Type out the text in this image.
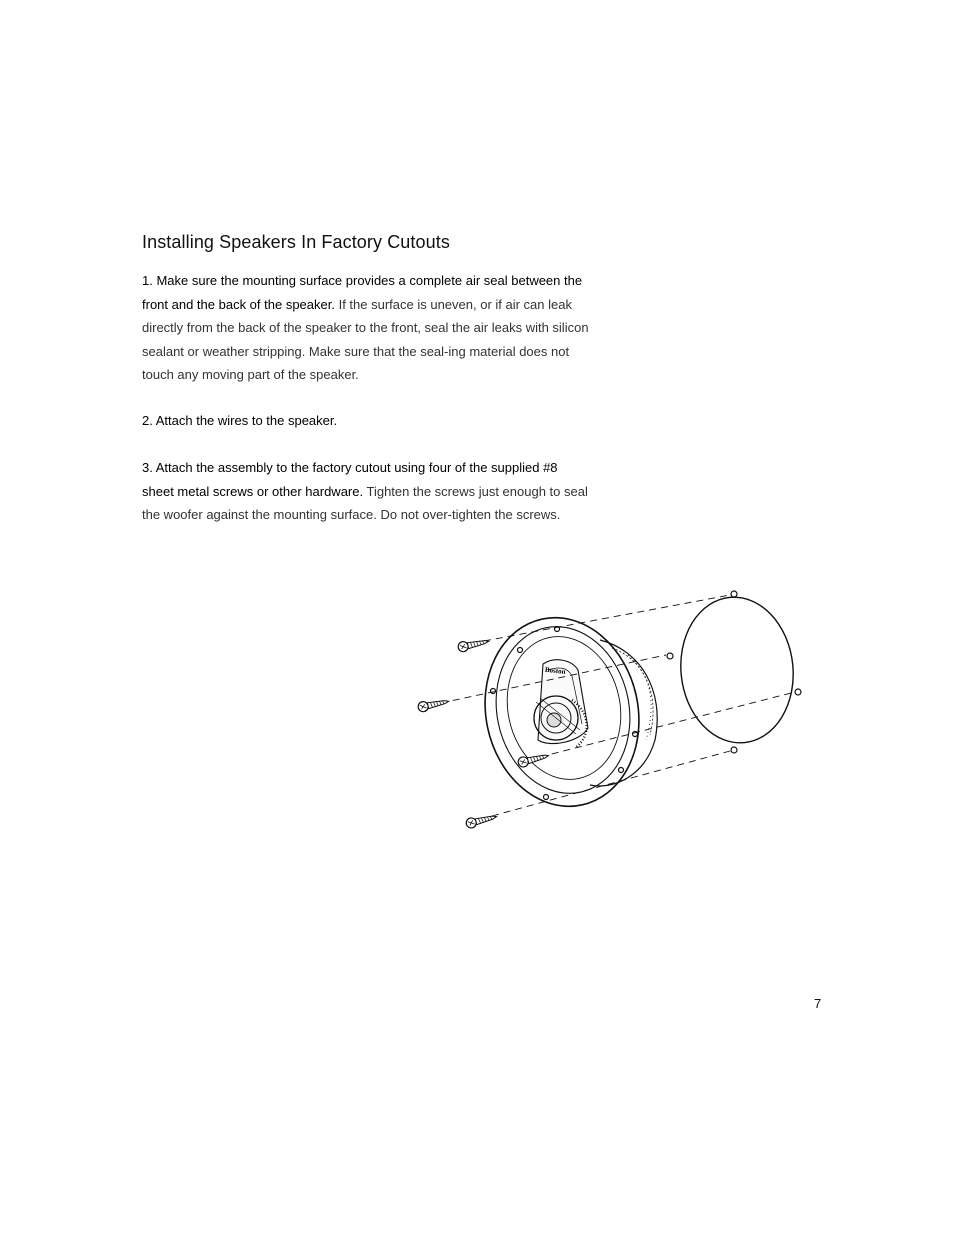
Installing Speakers In Factory Cutouts

1. Make sure the mounting surface provides a complete air seal between the front and the back of the speaker. If the surface is uneven, or if air can leak directly from the back of the speaker to the front, seal the air leaks with silicon sealant or weather stripping. Make sure that the seal-ing material does not touch any moving part of the speaker.

2. Attach the wires to the speaker.

3. Attach the assembly to the factory cutout using four of the supplied #8 sheet metal screws or other hardware. Tighten the screws just enough to seal the woofer against the mounting surface. Do not over-tighten the screws.

Boston
7
